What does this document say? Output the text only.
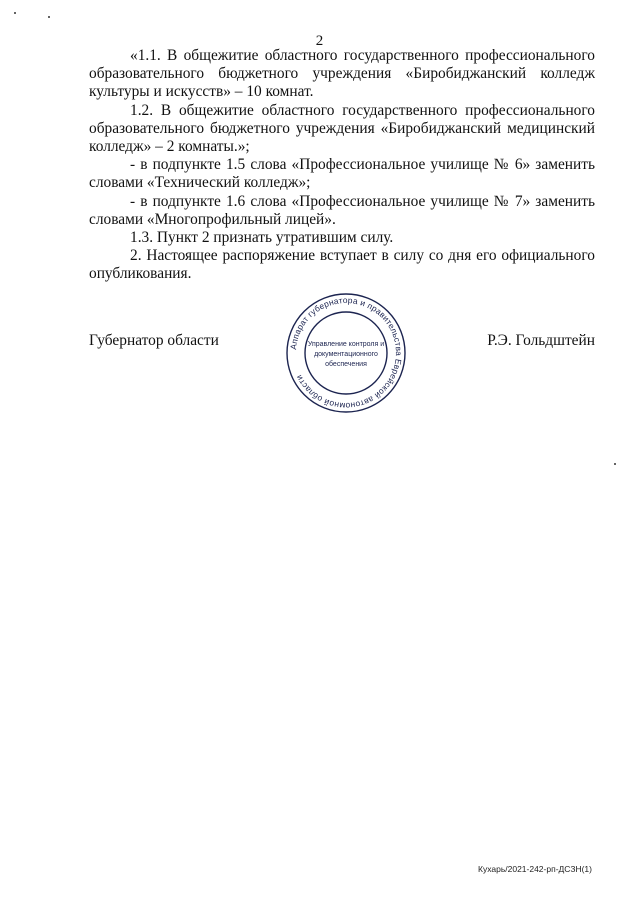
2

«1.1. В общежитие областного государственного профессионального образовательного бюджетного учреждения «Биробиджанский колледж культуры и искусств» – 10 комнат.

1.2. В общежитие областного государственного профессионального образовательного бюджетного учреждения «Биробиджанский медицинский колледж» – 2 комнаты.»;

- в подпункте 1.5 слова «Профессиональное училище № 6» заменить словами «Технический колледж»;

- в подпункте 1.6 слова «Профессиональное училище № 7» заменить словами «Многопрофильный лицей».

1.3. Пункт 2 признать утратившим силу.

2. Настоящее распоряжение вступает в силу со дня его официального опубликования.

Губернатор области	Р.Э. Гольдштейн
Аппарат губернатора и правительства Еврейской автономной области
Управление контроля и
документационного
обеспечения
Кухарь/2021-242-рп-ДСЗН(1)
